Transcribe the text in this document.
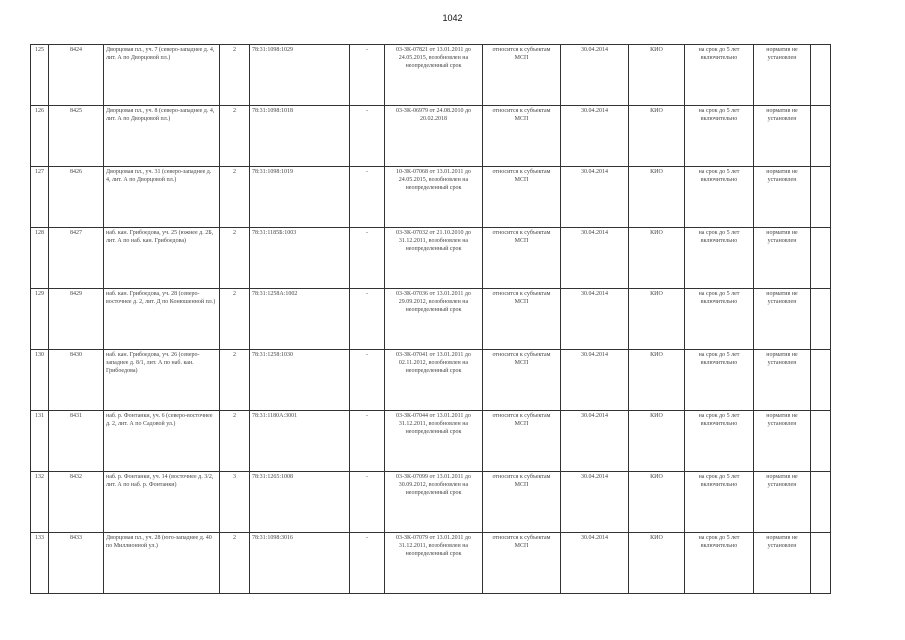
1042
125	8424	Дворцовая пл., уч. 7 (северо-западнее д. 4, лит. А по Дворцовой пл.)	2	78:31:1098:1029	-	03-ЗК-07821 от 13.01.2011 до 24.05.2015, возобновлен на неопределенный срок	относится к субъектам МСП	30.04.2014	КИО	на срок до 5 лет включительно	норматив не установлен	
126	8425	Дворцовая пл., уч. 8 (северо-западнее д. 4, лит. А по Дворцовой пл.)	2	78:31:1098:1018	-	03-ЗК-06979 от 24.08.2010 до 20.02.2018	относится к субъектам МСП	30.04.2014	КИО	на срок до 5 лет включительно	норматив не установлен	
127	8426	Дворцовая пл., уч. 31 (северо-западнее д. 4, лит. А по Дворцовой пл.)	2	78:31:1098:1019	-	10-ЗК-07068 от 13.01.2011 до 24.05.2015, возобновлен на неопределенный срок	относится к субъектам МСП	30.04.2014	КИО	на срок до 5 лет включительно	норматив не установлен	
128	8427	наб. кан. Грибоедова, уч. 25 (южнее д. 2Б, лит. А по наб. кан. Грибоедова)	2	78:31:1185Б:1003	-	03-ЗК-07032 от 21.10.2010 до 31.12.2011, возобновлен на неопределенный срок	относится к субъектам МСП	30.04.2014	КИО	на срок до 5 лет включительно	норматив не установлен	
129	8429	наб. кан. Грибоедова, уч. 28 (северо-восточнее д. 2, лит. Д по Конюшенной пл.)	2	78:31:1258А:1002	-	03-ЗК-07036 от 13.01.2011 до 29.09.2012, возобновлен на неопределенный срок	относится к субъектам МСП	30.04.2014	КИО	на срок до 5 лет включительно	норматив не установлен	
130	8430	наб. кан. Грибоедова, уч. 26 (северо-западнее д. 8/1, лит. А по наб. кан. Грибоедова)	2	78:31:1258:1030	-	03-ЗК-07041 от 13.01.2011 до 02.11.2012, возобновлен на неопределенный срок	относится к субъектам МСП	30.04.2014	КИО	на срок до 5 лет включительно	норматив не установлен	
131	8431	наб. р. Фонтанки, уч. 6 (северо-восточнее д. 2, лит. А по Садовой ул.)	2	78:31:1180А:3001	-	03-ЗК-07044 от 13.01.2011 до 31.12.2011, возобновлен на неопределенный срок	относится к субъектам МСП	30.04.2014	КИО	на срок до 5 лет включительно	норматив не установлен	
132	8432	наб. р. Фонтанки, уч. 14 (восточнее д. 3/2, лит. А по наб. р. Фонтанки)	3	78:31:1265:1008	-	03-ЗК-07099 от 13.01.2011 до 30.09.2012, возобновлен на неопределенный срок	относится к субъектам МСП	30.04.2014	КИО	на срок до 5 лет включительно	норматив не установлен	
133	8433	Дворцовая пл., уч. 28 (юго-западнее д. 40 по Миллионной ул.)	2	78:31:1098:3016	-	03-ЗК-07079 от 13.01.2011 до 31.12.2011, возобновлен на неопределенный срок	относится к субъектам МСП	30.04.2014	КИО	на срок до 5 лет включительно	норматив не установлен	
